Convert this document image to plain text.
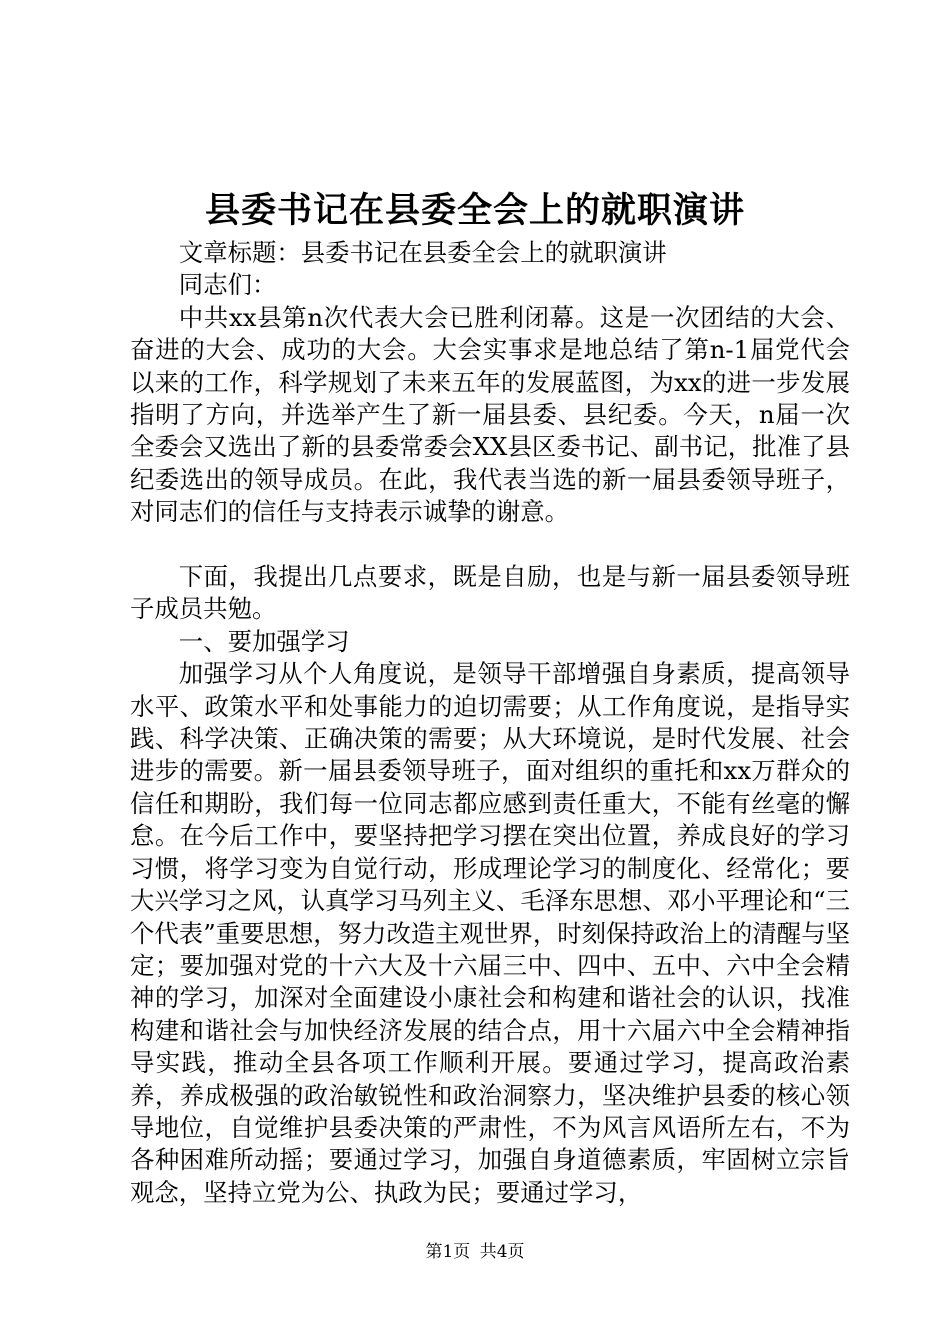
县委书记在县委全会上的就职演讲

文章标题：县委书记在县委全会上的就职演讲

同志们：

中共xx县第n次代表大会已胜利闭幕。这是一次团结的大会、奋进的大会、成功的大会。大会实事求是地总结了第n-1届党代会以来的工作，科学规划了未来五年的发展蓝图，为xx的进一步发展指明了方向，并选举产生了新一届县委、县纪委。今天，n届一次全委会又选出了新的县委常委会XX县区委书记、副书记，批准了县纪委选出的领导成员。在此，我代表当选的新一届县委领导班子，对同志们的信任与支持表示诚挚的谢意。

下面，我提出几点要求，既是自励，也是与新一届县委领导班子成员共勉。

一、要加强学习

加强学习从个人角度说，是领导干部增强自身素质，提高领导水平、政策水平和处事能力的迫切需要；从工作角度说，是指导实践、科学决策、正确决策的需要；从大环境说，是时代发展、社会进步的需要。新一届县委领导班子，面对组织的重托和xx万群众的信任和期盼，我们每一位同志都应感到责任重大，不能有丝毫的懈怠。在今后工作中，要坚持把学习摆在突出位置，养成良好的学习习惯，将学习变为自觉行动，形成理论学习的制度化、经常化；要大兴学习之风，认真学习马列主义、毛泽东思想、邓小平理论和“三个代表”重要思想，努力改造主观世界，时刻保持政治上的清醒与坚定；要加强对党的十六大及十六届三中、四中、五中、六中全会精神的学习，加深对全面建设小康社会和构建和谐社会的认识，找准构建和谐社会与加快经济发展的结合点，用十六届六中全会精神指导实践，推动全县各项工作顺利开展。要通过学习，提高政治素养，养成极强的政治敏锐性和政治洞察力，坚决维护县委的核心领导地位，自觉维护县委决策的严肃性，不为风言风语所左右，不为各种困难所动摇；要通过学习，加强自身道德素质，牢固树立宗旨观念，坚持立党为公、执政为民；要通过学习，

第1页 共4页
